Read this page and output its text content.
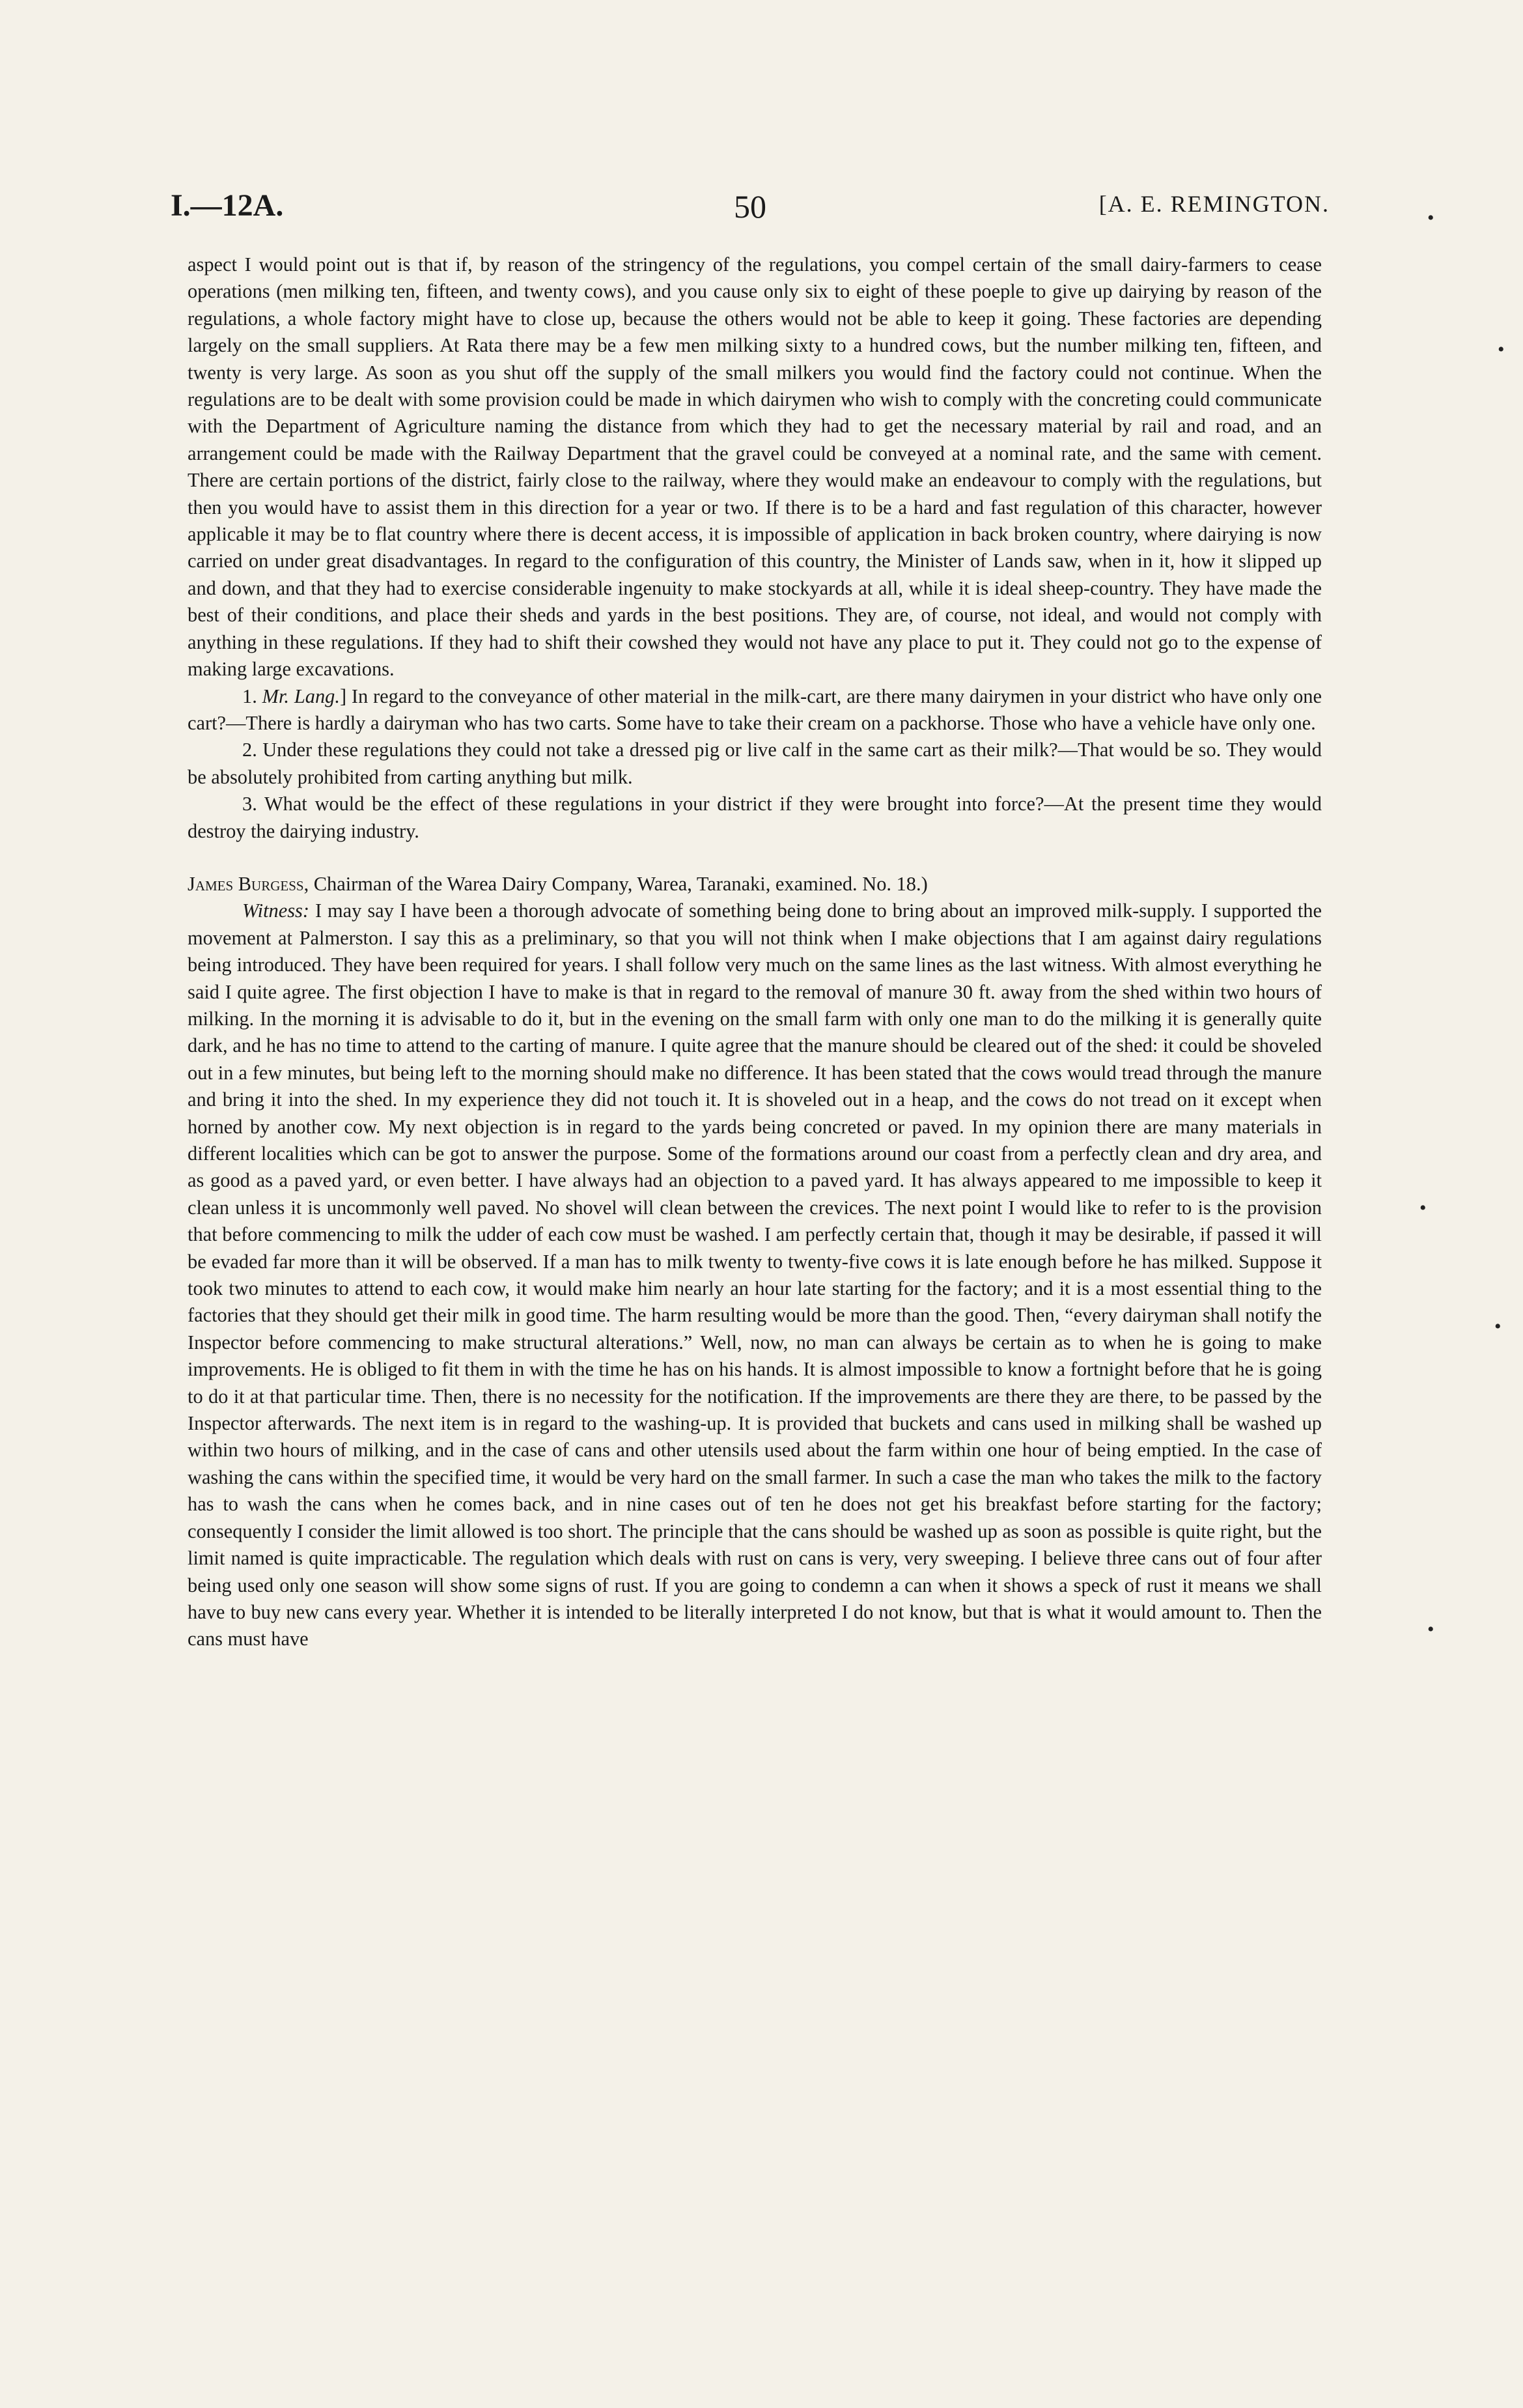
I.—12A.	50	[A. E. REMINGTON.

aspect I would point out is that if, by reason of the stringency of the regulations, you compel certain of the small dairy-farmers to cease operations (men milking ten, fifteen, and twenty cows), and you cause only six to eight of these poeple to give up dairying by reason of the regulations, a whole factory might have to close up, because the others would not be able to keep it going. These factories are depending largely on the small suppliers. At Rata there may be a few men milking sixty to a hundred cows, but the number milking ten, fifteen, and twenty is very large. As soon as you shut off the supply of the small milkers you would find the factory could not continue. When the regulations are to be dealt with some provision could be made in which dairymen who wish to comply with the concreting could communicate with the Department of Agriculture naming the distance from which they had to get the necessary material by rail and road, and an arrangement could be made with the Railway Department that the gravel could be conveyed at a nominal rate, and the same with cement. There are certain portions of the district, fairly close to the railway, where they would make an endeavour to comply with the regulations, but then you would have to assist them in this direction for a year or two. If there is to be a hard and fast regulation of this character, however applicable it may be to flat country where there is decent access, it is impossible of application in back broken country, where dairying is now carried on under great disadvantages. In regard to the configuration of this country, the Minister of Lands saw, when in it, how it slipped up and down, and that they had to exercise considerable ingenuity to make stockyards at all, while it is ideal sheep-country. They have made the best of their conditions, and place their sheds and yards in the best positions. They are, of course, not ideal, and would not comply with anything in these regulations. If they had to shift their cowshed they would not have any place to put it. They could not go to the expense of making large excavations.

1. Mr. Lang.] In regard to the conveyance of other material in the milk-cart, are there many dairymen in your district who have only one cart?—There is hardly a dairyman who has two carts. Some have to take their cream on a packhorse. Those who have a vehicle have only one.

2. Under these regulations they could not take a dressed pig or live calf in the same cart as their milk?—That would be so. They would be absolutely prohibited from carting anything but milk.

3. What would be the effect of these regulations in your district if they were brought into force?—At the present time they would destroy the dairying industry.

James Burgess, Chairman of the Warea Dairy Company, Warea, Taranaki, examined. No. 18.)

Witness: I may say I have been a thorough advocate of something being done to bring about an improved milk-supply. I supported the movement at Palmerston. I say this as a preliminary, so that you will not think when I make objections that I am against dairy regulations being introduced. They have been required for years. I shall follow very much on the same lines as the last witness. With almost everything he said I quite agree. The first objection I have to make is that in regard to the removal of manure 30 ft. away from the shed within two hours of milking. In the morning it is advisable to do it, but in the evening on the small farm with only one man to do the milking it is generally quite dark, and he has no time to attend to the carting of manure. I quite agree that the manure should be cleared out of the shed: it could be shoveled out in a few minutes, but being left to the morning should make no difference. It has been stated that the cows would tread through the manure and bring it into the shed. In my experience they did not touch it. It is shoveled out in a heap, and the cows do not tread on it except when horned by another cow. My next objection is in regard to the yards being concreted or paved. In my opinion there are many materials in different localities which can be got to answer the purpose. Some of the formations around our coast from a perfectly clean and dry area, and as good as a paved yard, or even better. I have always had an objection to a paved yard. It has always appeared to me impossible to keep it clean unless it is uncommonly well paved. No shovel will clean between the crevices. The next point I would like to refer to is the provision that before commencing to milk the udder of each cow must be washed. I am perfectly certain that, though it may be desirable, if passed it will be evaded far more than it will be observed. If a man has to milk twenty to twenty-five cows it is late enough before he has milked. Suppose it took two minutes to attend to each cow, it would make him nearly an hour late starting for the factory; and it is a most essential thing to the factories that they should get their milk in good time. The harm resulting would be more than the good. Then, “every dairyman shall notify the Inspector before commencing to make structural alterations.” Well, now, no man can always be certain as to when he is going to make improvements. He is obliged to fit them in with the time he has on his hands. It is almost impossible to know a fortnight before that he is going to do it at that particular time. Then, there is no necessity for the notification. If the improvements are there they are there, to be passed by the Inspector afterwards. The next item is in regard to the washing-up. It is provided that buckets and cans used in milking shall be washed up within two hours of milking, and in the case of cans and other utensils used about the farm within one hour of being emptied. In the case of washing the cans within the specified time, it would be very hard on the small farmer. In such a case the man who takes the milk to the factory has to wash the cans when he comes back, and in nine cases out of ten he does not get his breakfast before starting for the factory; consequently I consider the limit allowed is too short. The principle that the cans should be washed up as soon as possible is quite right, but the limit named is quite impracticable. The regulation which deals with rust on cans is very, very sweeping. I believe three cans out of four after being used only one season will show some signs of rust. If you are going to condemn a can when it shows a speck of rust it means we shall have to buy new cans every year. Whether it is intended to be literally interpreted I do not know, but that is what it would amount to. Then the cans must have

•
•
•
•
•
